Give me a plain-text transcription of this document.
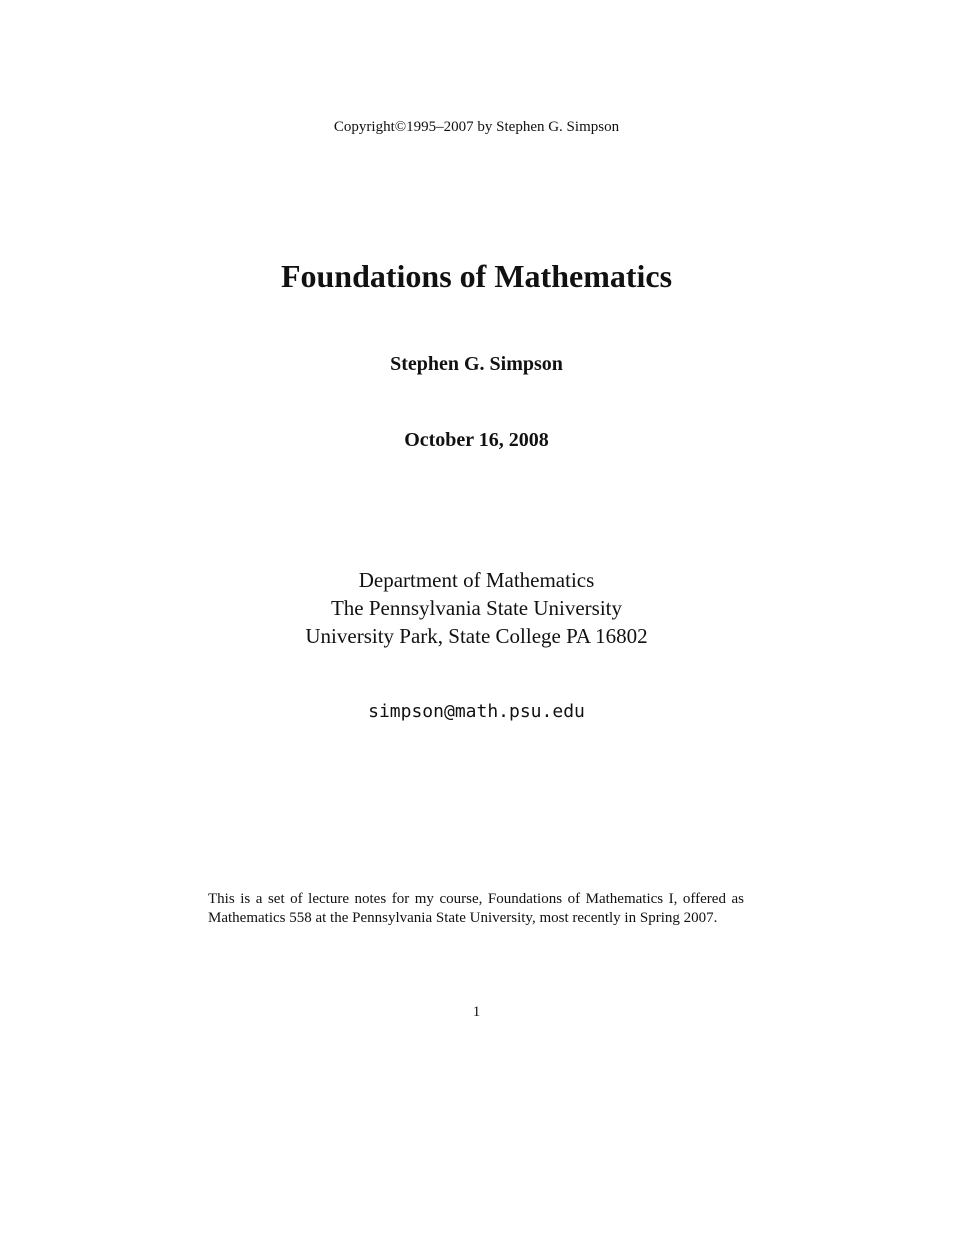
Copyright©1995–2007 by Stephen G. Simpson
Foundations of Mathematics
Stephen G. Simpson
October 16, 2008
Department of Mathematics
The Pennsylvania State University
University Park, State College PA 16802
simpson@math.psu.edu
This is a set of lecture notes for my course, Foundations of Mathematics I, offered as Mathematics 558 at the Pennsylvania State University, most recently in Spring 2007.
1
